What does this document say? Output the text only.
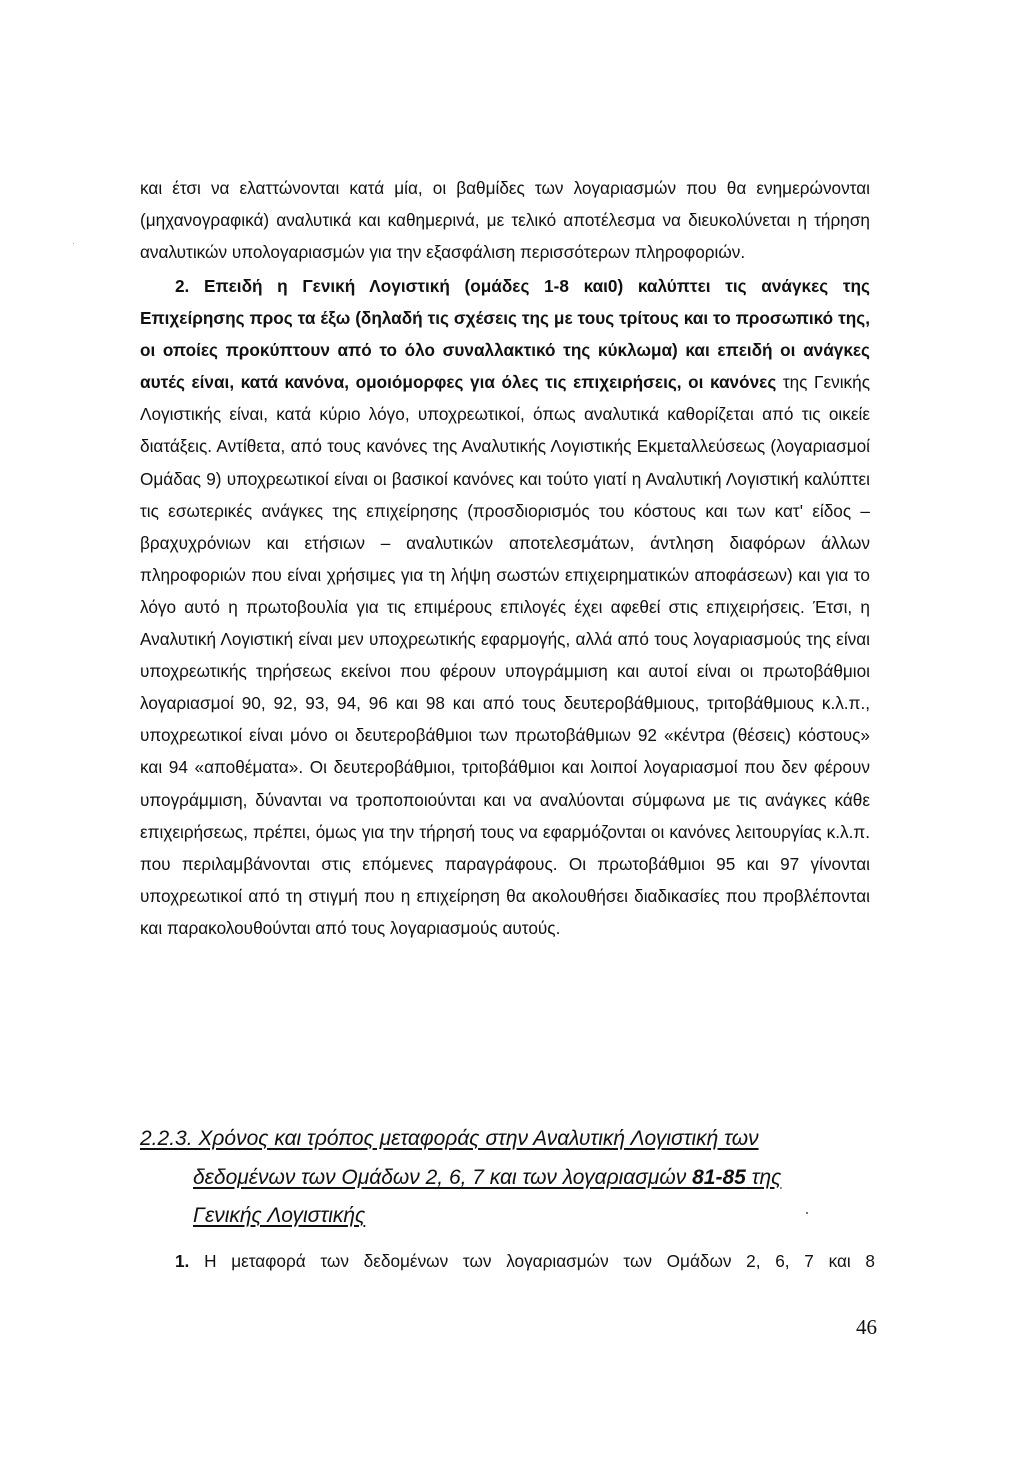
και έτσι να ελαττώνονται κατά μία, οι βαθμίδες των λογαριασμών που θα ενημερώνονται (μηχανογραφικά) αναλυτικά και καθημερινά, με τελικό αποτέλεσμα να διευκολύνεται η τήρηση αναλυτικών υπολογαριασμών για την εξασφάλιση περισσότερων πληροφοριών.

2. Επειδή η Γενική Λογιστική (ομάδες 1-8 και0) καλύπτει τις ανάγκες της Επιχείρησης προς τα έξω (δηλαδή τις σχέσεις της με τους τρίτους και το προσωπικό της, οι οποίες προκύπτουν από το όλο συναλλακτικό της κύκλωμα) και επειδή οι ανάγκες αυτές είναι, κατά κανόνα, ομοιόμορφες για όλες τις επιχειρήσεις, οι κανόνες της Γενικής Λογιστικής είναι, κατά κύριο λόγο, υποχρεωτικοί, όπως αναλυτικά καθορίζεται από τις οικείε διατάξεις. Αντίθετα, από τους κανόνες της Αναλυτικής Λογιστικής Εκμεταλλεύσεως (λογαριασμοί Ομάδας 9) υποχρεωτικοί είναι οι βασικοί κανόνες και τούτο γιατί η Αναλυτική Λογιστική καλύπτει τις εσωτερικές ανάγκες της επιχείρησης (προσδιορισμός του κόστους και των κατ' είδος – βραχυχρόνιων και ετήσιων – αναλυτικών αποτελεσμάτων, άντληση διαφόρων άλλων πληροφοριών που είναι χρήσιμες για τη λήψη σωστών επιχειρηματικών αποφάσεων) και για το λόγο αυτό η πρωτοβουλία για τις επιμέρους επιλογές έχει αφεθεί στις επιχειρήσεις. Έτσι, η Αναλυτική Λογιστική είναι μεν υποχρεωτικής εφαρμογής, αλλά από τους λογαριασμούς της είναι υποχρεωτικής τηρήσεως εκείνοι που φέρουν υπογράμμιση και αυτοί είναι οι πρωτοβάθμιοι λογαριασμοί 90, 92, 93, 94, 96 και 98 και από τους δευτεροβάθμιους, τριτοβάθμιους κ.λ.π., υποχρεωτικοί είναι μόνο οι δευτεροβάθμιοι των πρωτοβάθμιων 92 «κέντρα (θέσεις) κόστους» και 94 «αποθέματα». Οι δευτεροβάθμιοι, τριτοβάθμιοι και λοιποί λογαριασμοί που δεν φέρουν υπογράμμιση, δύνανται να τροποποιούνται και να αναλύονται σύμφωνα με τις ανάγκες κάθε επιχειρήσεως, πρέπει, όμως για την τήρησή τους να εφαρμόζονται οι κανόνες λειτουργίας κ.λ.π. που περιλαμβάνονται στις επόμενες παραγράφους. Οι πρωτοβάθμιοι 95 και 97 γίνονται υποχρεωτικοί από τη στιγμή που η επιχείρηση θα ακολουθήσει διαδικασίες που προβλέπονται και παρακολουθούνται από τους λογαριασμούς αυτούς.

2.2.3. Χρόνος και τρόπος μεταφοράς στην Αναλυτική Λογιστική των
δεδομένων των Ομάδων 2, 6, 7 και των λογαριασμών 81-85 της
Γενικής Λογιστικής

1. Η μεταφορά των δεδομένων των λογαριασμών των Ομάδων 2, 6, 7 και 8

46
